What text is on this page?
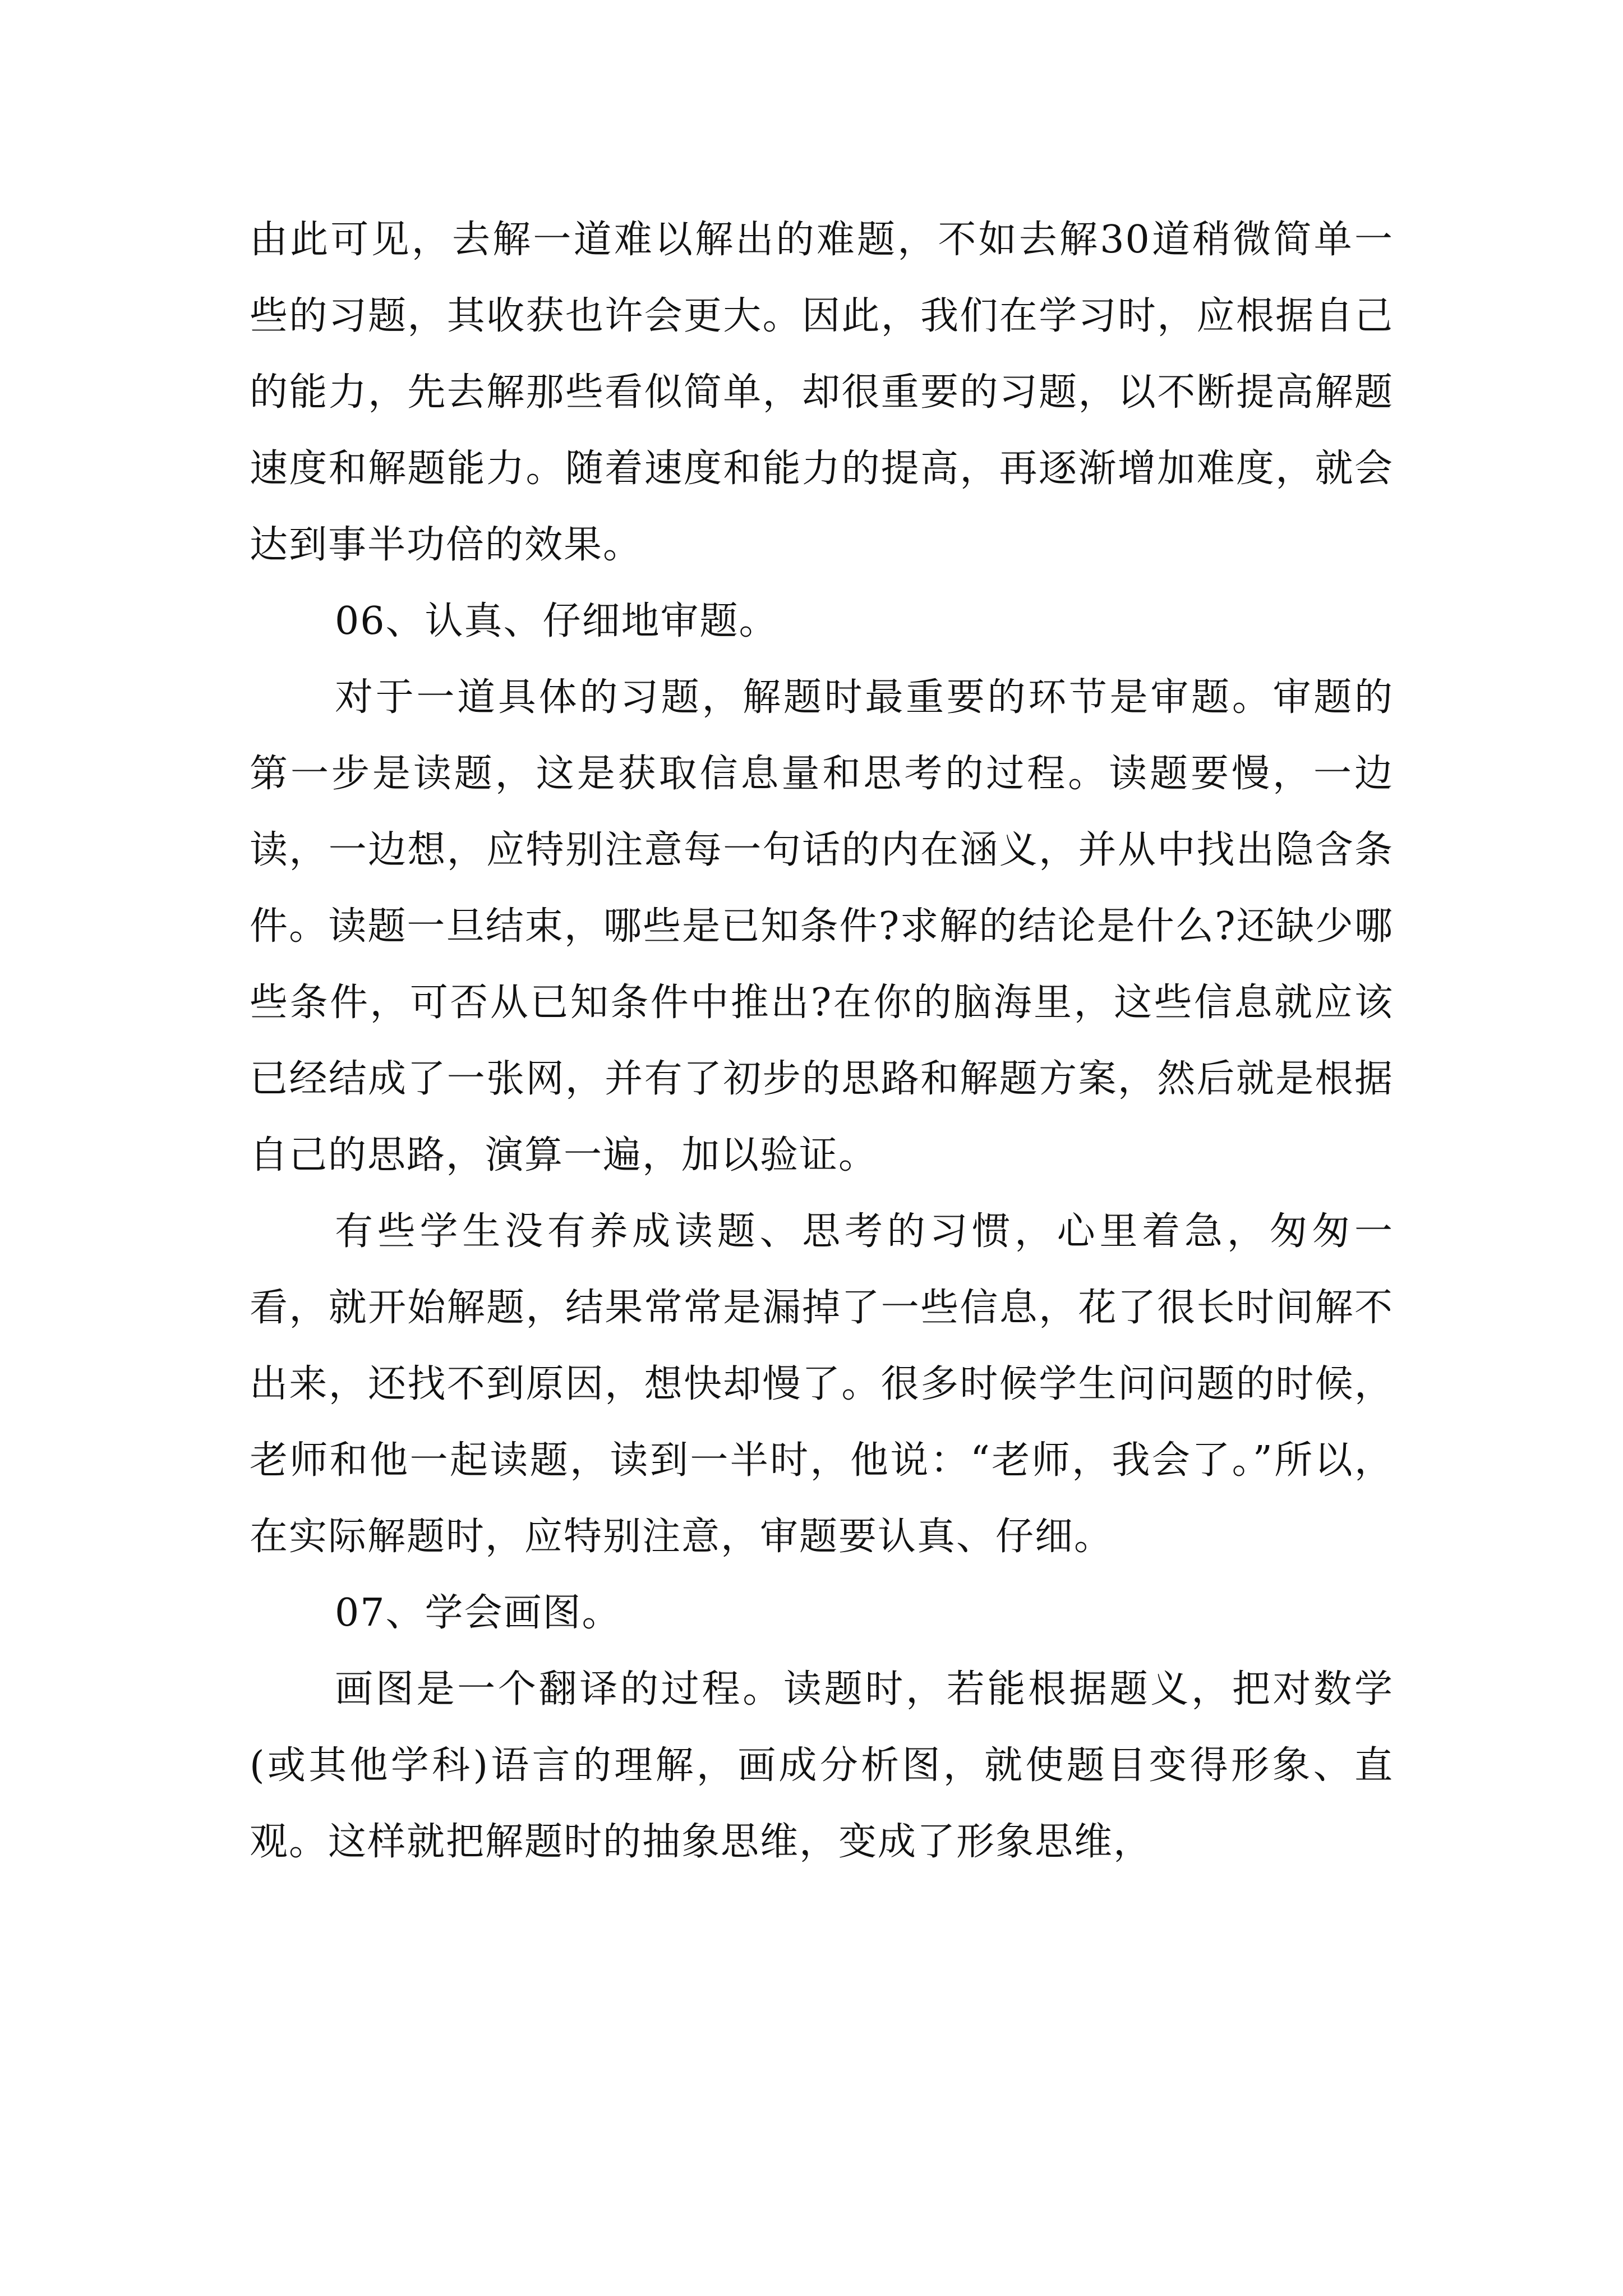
由此可见，去解一道难以解出的难题，不如去解30道稍微简单一些的习题，其收获也许会更大。因此，我们在学习时，应根据自己的能力，先去解那些看似简单，却很重要的习题，以不断提高解题速度和解题能力。随着速度和能力的提高，再逐渐增加难度，就会达到事半功倍的效果。

06、认真、仔细地审题。

对于一道具体的习题，解题时最重要的环节是审题。审题的第一步是读题，这是获取信息量和思考的过程。读题要慢，一边读，一边想，应特别注意每一句话的内在涵义，并从中找出隐含条件。读题一旦结束，哪些是已知条件?求解的结论是什么?还缺少哪些条件，可否从已知条件中推出?在你的脑海里，这些信息就应该已经结成了一张网，并有了初步的思路和解题方案，然后就是根据自己的思路，演算一遍，加以验证。

有些学生没有养成读题、思考的习惯，心里着急，匆匆一看，就开始解题，结果常常是漏掉了一些信息，花了很长时间解不出来，还找不到原因，想快却慢了。很多时候学生问问题的时候，老师和他一起读题，读到一半时，他说：“老师，我会了。”所以，在实际解题时，应特别注意，审题要认真、仔细。

07、学会画图。

画图是一个翻译的过程。读题时，若能根据题义，把对数学(或其他学科)语言的理解，画成分析图，就使题目变得形象、直观。这样就把解题时的抽象思维，变成了形象思维，
